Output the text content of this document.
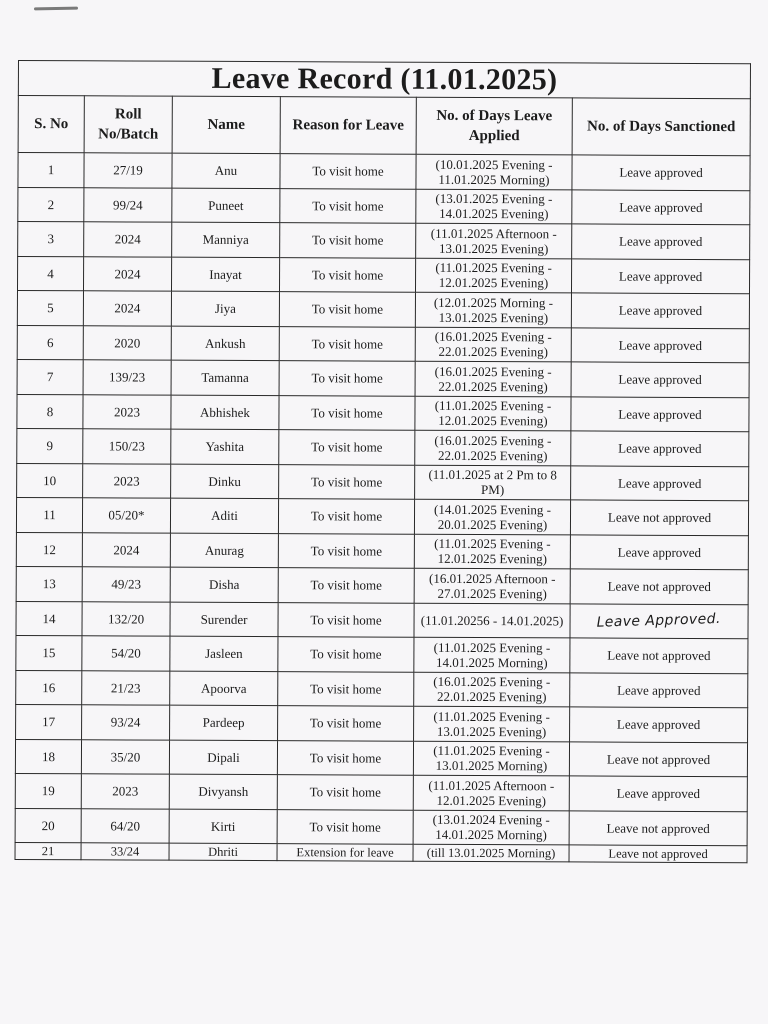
Leave Record (11.01.2025)					
S. No	Roll No/Batch	Name	Reason for Leave	No. of Days Leave Applied	No. of Days Sanctioned
1	27/19	Anu	To visit home	(10.01.2025 Evening - 11.01.2025 Morning)	Leave approved
2	99/24	Puneet	To visit home	(13.01.2025 Evening - 14.01.2025 Evening)	Leave approved
3	2024	Manniya	To visit home	(11.01.2025 Afternoon - 13.01.2025 Evening)	Leave approved
4	2024	Inayat	To visit home	(11.01.2025 Evening - 12.01.2025 Evening)	Leave approved
5	2024	Jiya	To visit home	(12.01.2025 Morning - 13.01.2025 Evening)	Leave approved
6	2020	Ankush	To visit home	(16.01.2025 Evening - 22.01.2025 Evening)	Leave approved
7	139/23	Tamanna	To visit home	(16.01.2025 Evening - 22.01.2025 Evening)	Leave approved
8	2023	Abhishek	To visit home	(11.01.2025 Evening - 12.01.2025 Evening)	Leave approved
9	150/23	Yashita	To visit home	(16.01.2025 Evening - 22.01.2025 Evening)	Leave approved
10	2023	Dinku	To visit home	(11.01.2025 at 2 Pm to 8 PM)	Leave approved
11	05/20*	Aditi	To visit home	(14.01.2025 Evening - 20.01.2025 Evening)	Leave not approved
12	2024	Anurag	To visit home	(11.01.2025 Evening - 12.01.2025 Evening)	Leave approved
13	49/23	Disha	To visit home	(16.01.2025 Afternoon - 27.01.2025 Evening)	Leave not approved
14	132/20	Surender	To visit home	(11.01.20256 - 14.01.2025)	Leave Approved.
15	54/20	Jasleen	To visit home	(11.01.2025 Evening - 14.01.2025 Morning)	Leave not approved
16	21/23	Apoorva	To visit home	(16.01.2025 Evening - 22.01.2025 Evening)	Leave approved
17	93/24	Pardeep	To visit home	(11.01.2025 Evening - 13.01.2025 Evening)	Leave approved
18	35/20	Dipali	To visit home	(11.01.2025 Evening - 13.01.2025 Morning)	Leave not approved
19	2023	Divyansh	To visit home	(11.01.2025 Afternoon - 12.01.2025 Evening)	Leave approved
20	64/20	Kirti	To visit home	(13.01.2024 Evening - 14.01.2025 Morning)	Leave not approved
21	33/24	Dhriti	Extension for leave	(till 13.01.2025 Morning)	Leave not approved
